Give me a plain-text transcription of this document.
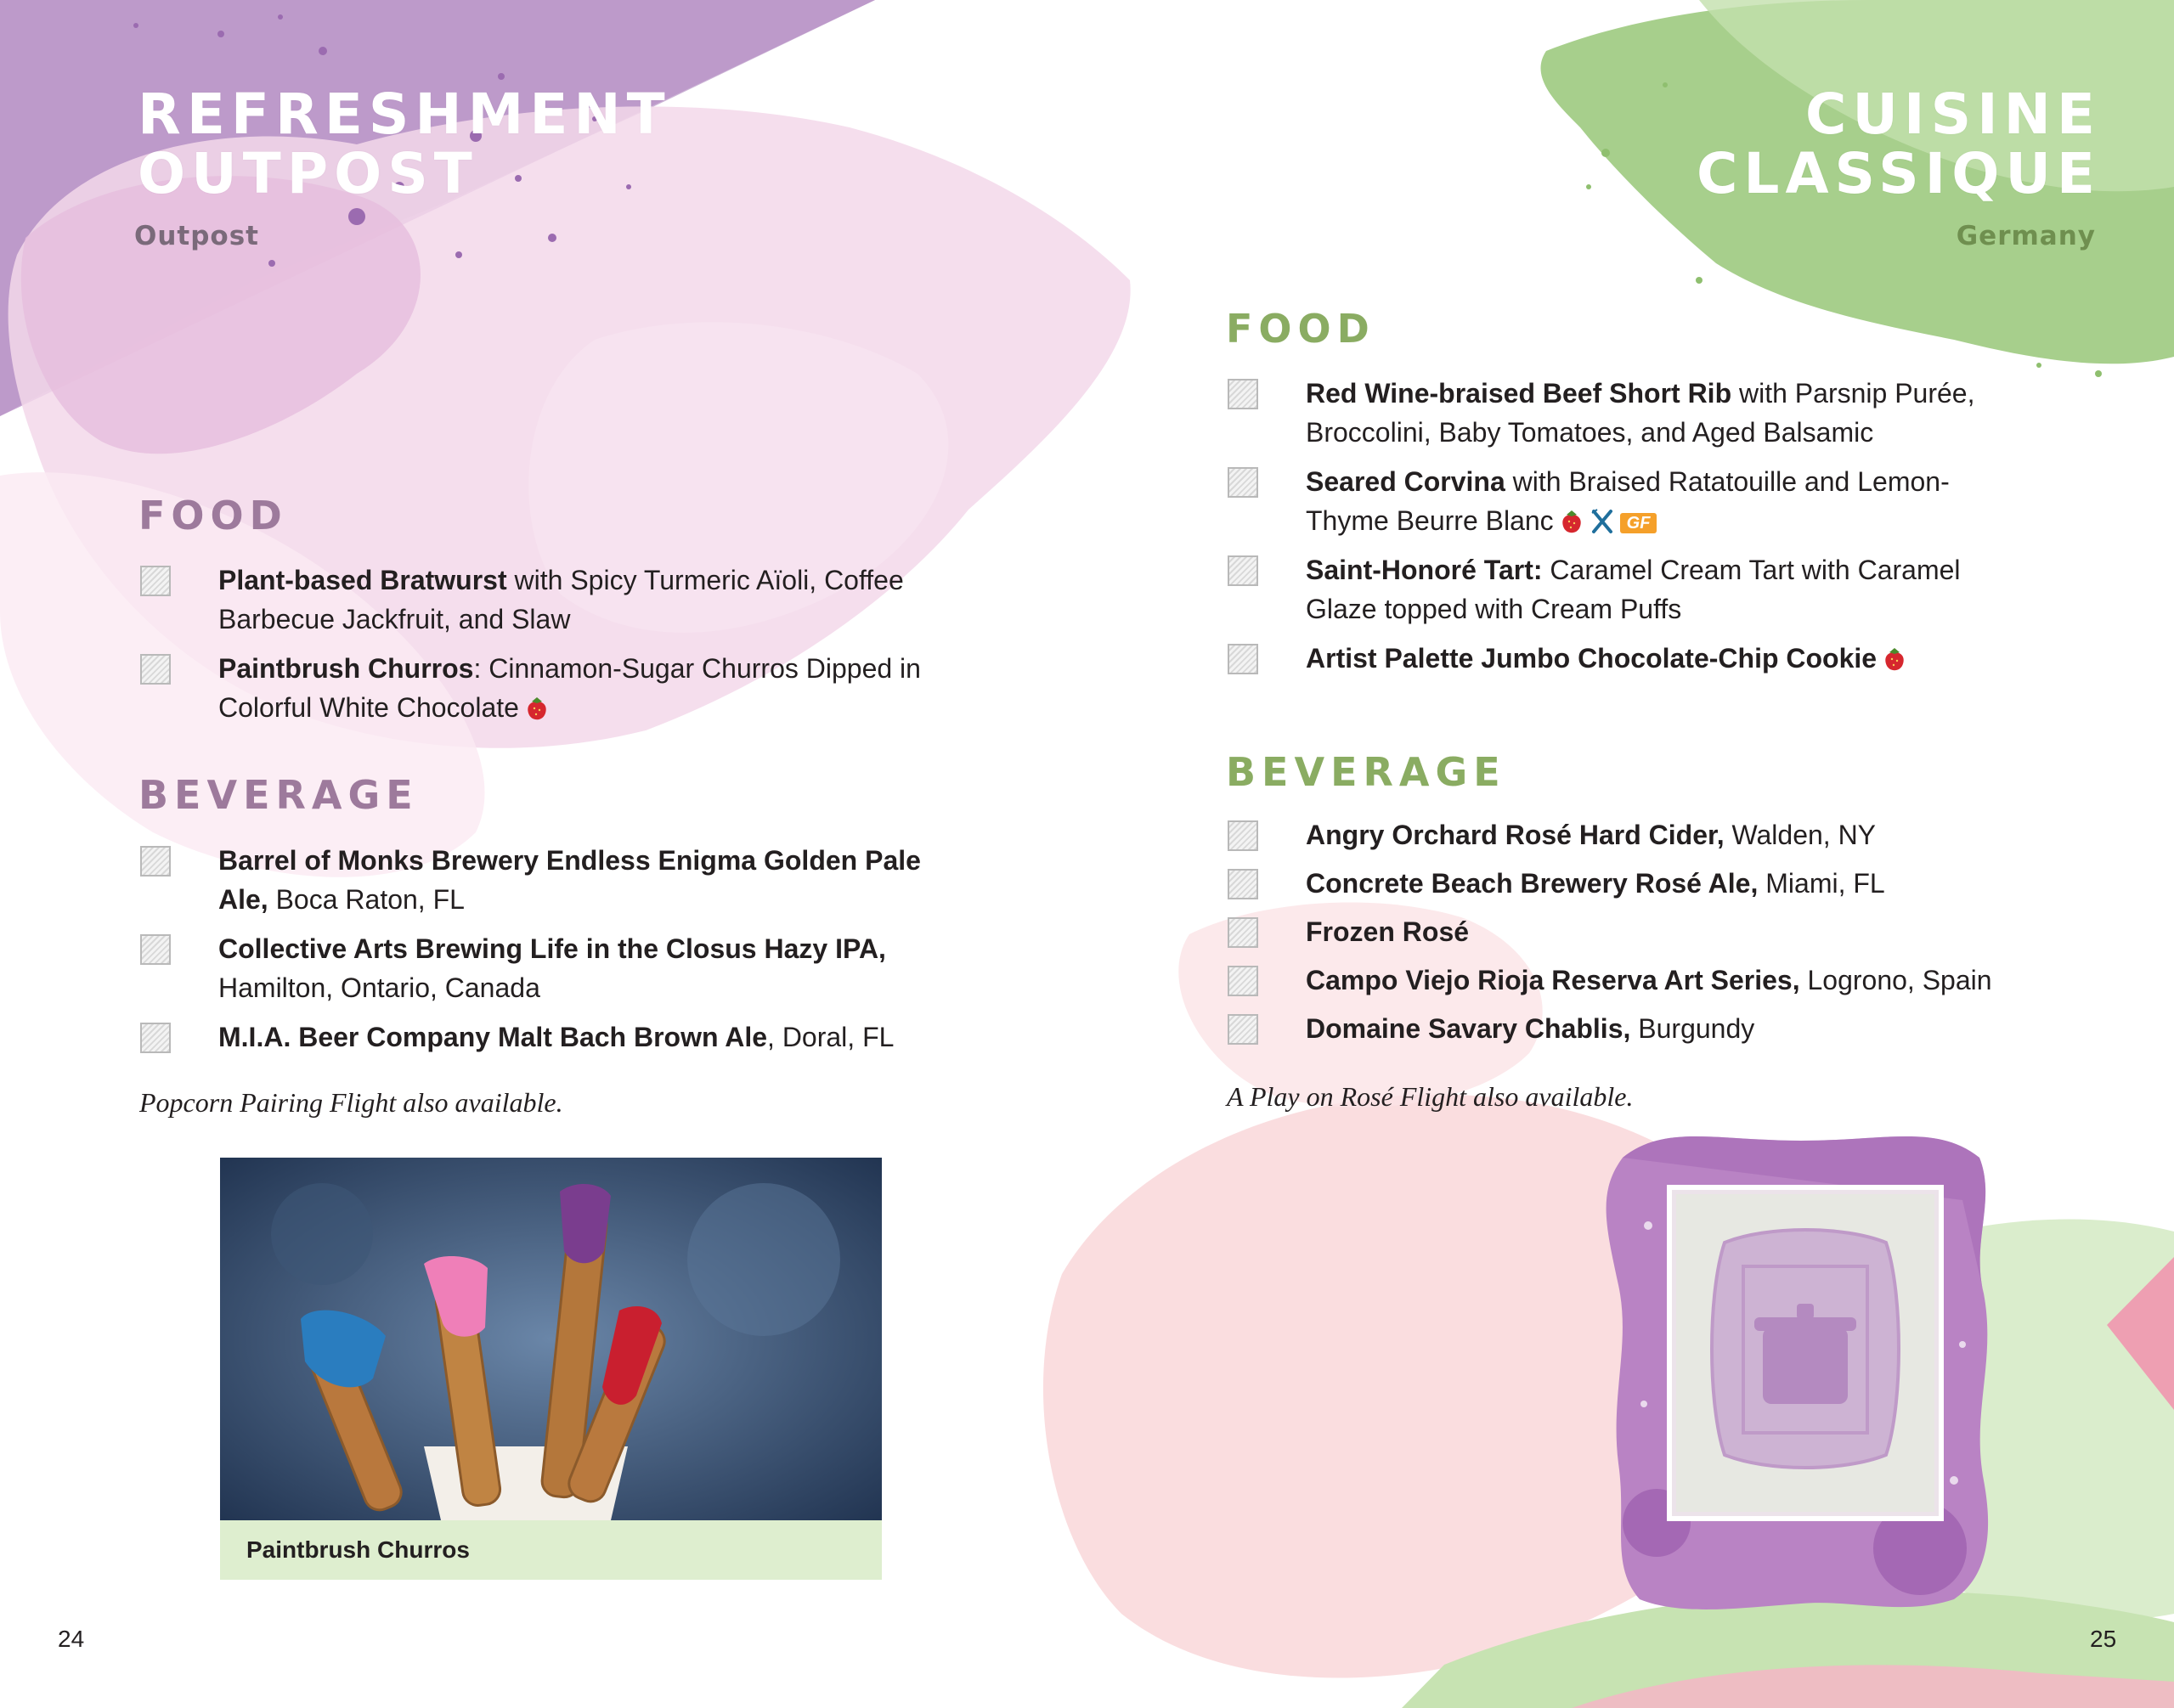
REFRESHMENT
OUTPOST
Outpost
FOOD
Plant-based Bratwurst with Spicy Turmeric Aïoli, Coffee
Barbecue Jackfruit, and Slaw
Paintbrush Churros: Cinnamon-Sugar Churros Dipped in
Colorful White Chocolate
BEVERAGE
Barrel of Monks Brewery Endless Enigma Golden Pale
Ale, Boca Raton, FL
Collective Arts Brewing Life in the Closus Hazy IPA,
Hamilton, Ontario, Canada
M.I.A. Beer Company Malt Bach Brown Ale, Doral, FL
Popcorn Pairing Flight also available.
Paintbrush Churros
24
CUISINE
CLASSIQUE
Germany
FOOD
Red Wine-braised Beef Short Rib with Parsnip Purée,
Broccolini, Baby Tomatoes, and Aged Balsamic
Seared Corvina with Braised Ratatouille and Lemon-
Thyme Beurre Blanc	GF
Saint-Honoré Tart: Caramel Cream Tart with Caramel
Glaze topped with Cream Puffs
Artist Palette Jumbo Chocolate-Chip Cookie
BEVERAGE
Angry Orchard Rosé Hard Cider, Walden, NY
Concrete Beach Brewery Rosé Ale, Miami, FL
Frozen Rosé
Campo Viejo Rioja Reserva Art Series, Logrono, Spain
Domaine Savary Chablis, Burgundy
A Play on Rosé Flight also available.
25
